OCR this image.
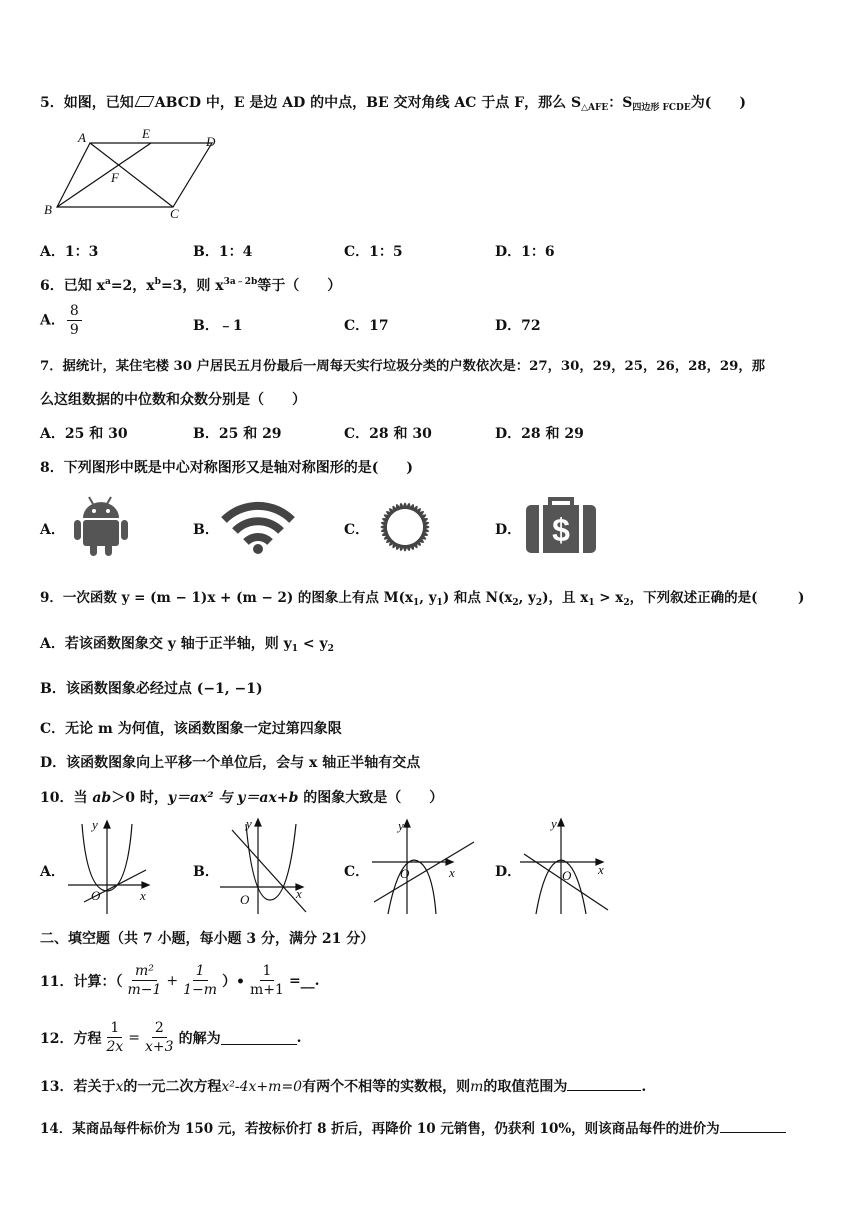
5．如图，已知 ABCD 中，E 是边 AD 的中点，BE 交对角线 AC 于点 F，那么 $S_{\triangle AFE}$：$S_{四边形 FCDE}$为(　　)
A	E
D
F
B	C
A．1：3	B．1：4	C．1：5	D．1：6
6．已知 $x^a=2$，$x^b=3$，则 $x^{3a﹣2b}$等于（　　）
A． $\frac{8}{9}$	B．﹣1	C．17	D．72
7．据统计，某住宅楼 30 户居民五月份最后一周每天实行垃圾分类的户数依次是：27，30，29，25，26，28，29，那
么这组数据的中位数和众数分别是（　　）
A．25 和 30	B．25 和 29	C．28 和 30	D．28 和 29
8．下列图形中既是中心对称图形又是轴对称图形的是(　　)
A．	B．	C．	D． $
9．一次函数 y = (m − 1)x + (m − 2) 的图象上有点 $M(x_1$, $y_1$) 和点 $N(x_2$, $y_2$)，且 $x_1 > x_2$，下列叙述正确的是(　　　)
A．若该函数图象交 y 轴于正半轴，则 $y_1 < y_2$
B．该函数图象必经过点 (−1, −1)
C．无论 m 为何值，该函数图象一定过第四象限
D．该函数图象向上平移一个单位后，会与 x 轴正半轴有交点
10．当 ab＞0 时，y＝ax² 与 y＝ax+b 的图象大致是（　　）
A．	B．	C．	D．
y
x
O
y
x
O
y
x
O
y
x
O
二、填空题（共 7 小题，每小题 3 分，满分 21 分）
11．计算：（ $\frac{\text{m²}}{m-1} + \frac{1}{1-m}$ ）• $\frac{1}{m+1}$ =__.
12．方程 $\frac{1}{2x} = \frac{2}{x+3}$ 的解为	.
13．若关于x的一元二次方程x²-4x+m=0有两个不相等的实数根，则m的取值范围为	.
14．某商品每件标价为 150 元，若按标价打 8 折后，再降价 10 元销售，仍获利 10%，则该商品每件的进价为
